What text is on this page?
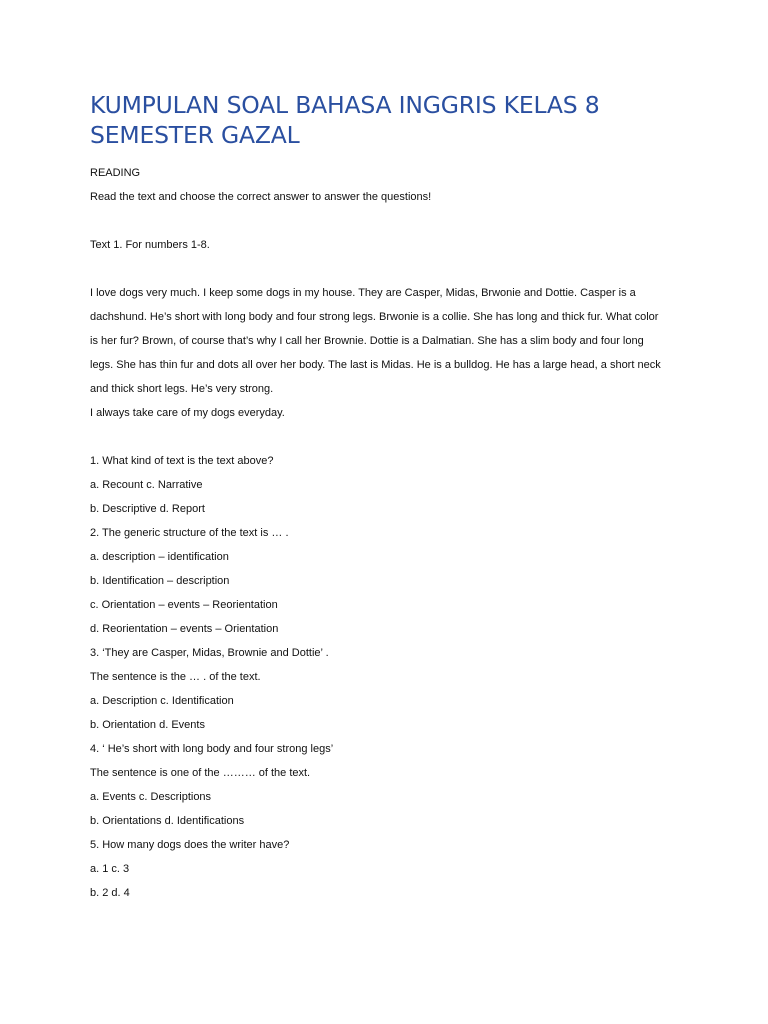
KUMPULAN SOAL BAHASA INGGRIS KELAS 8
SEMESTER GAZAL
READING
Read the text and choose the correct answer to answer the questions!
Text 1. For numbers 1-8.
I love dogs very much. I keep some dogs in my house. They are Casper, Midas, Brwonie and Dottie. Casper is a
dachshund. He’s short with long body and four strong legs. Brwonie is a collie. She has long and thick fur. What color
is her fur? Brown, of course that’s why I call her Brownie. Dottie is a Dalmatian. She has a slim body and four long
legs. She has thin fur and dots all over her body. The last is Midas. He is a bulldog. He has a large head, a short neck
and thick short legs. He’s very strong.
I always take care of my dogs everyday.
1. What kind of text is the text above?
a. Recount c. Narrative
b. Descriptive d. Report
2. The generic structure of the text is … .
a. description – identification
b. Identification – description
c. Orientation – events – Reorientation
d. Reorientation – events – Orientation
3. ‘They are Casper, Midas, Brownie and Dottie’ .
The sentence is the … . of the text.
a. Description c. Identification
b. Orientation d. Events
4. ‘ He’s short with long body and four strong legs’
The sentence is one of the ……… of the text.
a. Events c. Descriptions
b. Orientations d. Identifications
5. How many dogs does the writer have?
a. 1 c. 3
b. 2 d. 4
